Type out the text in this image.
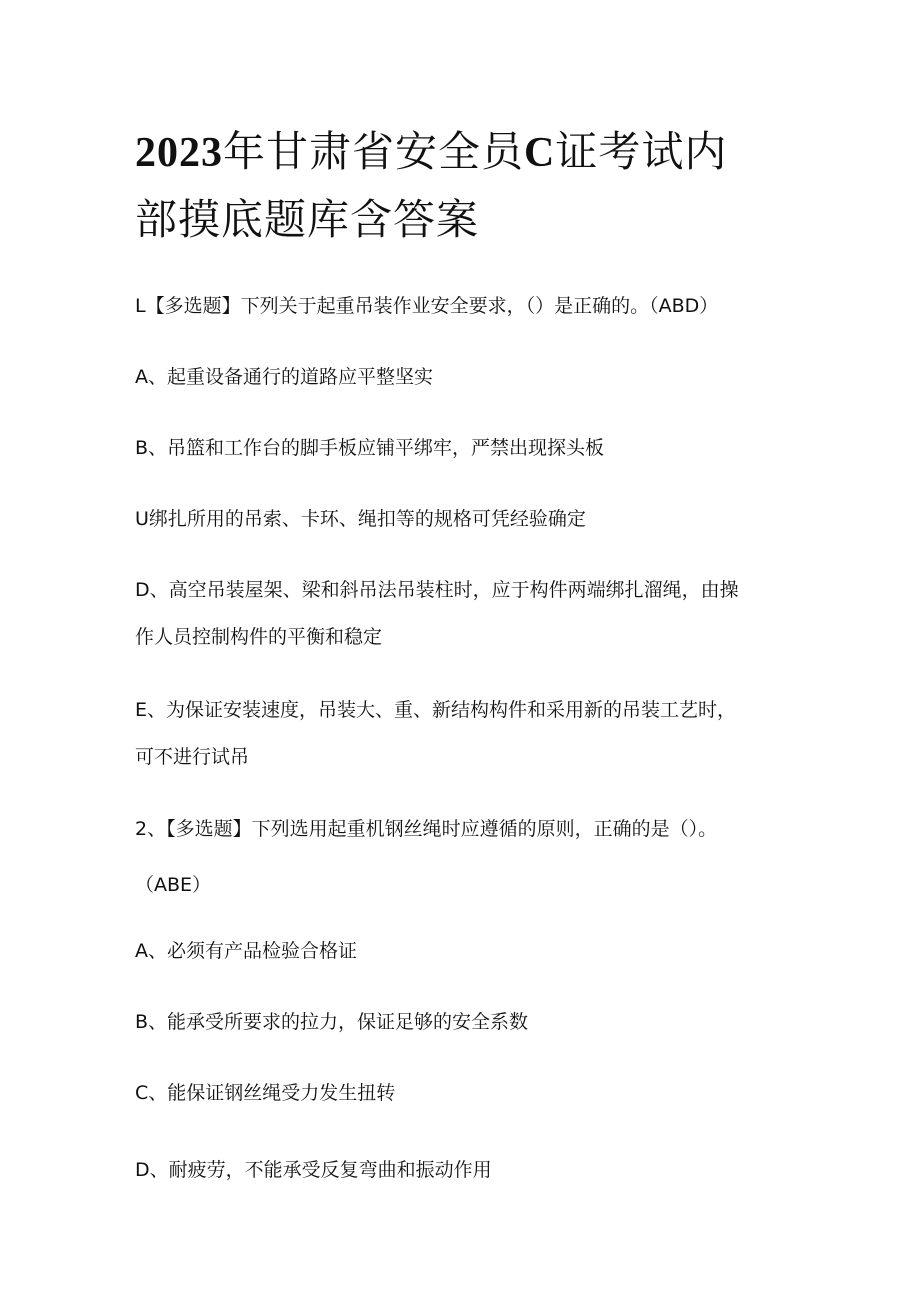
2023年甘肃省安全员C证考试内
部摸底题库含答案
L【多选题】下列关于起重吊装作业安全要求，（）是正确的。（ABD）
A、起重设备通行的道路应平整坚实
B、吊篮和工作台的脚手板应铺平绑牢，严禁出现探头板
U绑扎所用的吊索、卡环、绳扣等的规格可凭经验确定
D、高空吊装屋架、梁和斜吊法吊装柱时，应于构件两端绑扎溜绳，由操
作人员控制构件的平衡和稳定
E、为保证安装速度，吊装大、重、新结构构件和采用新的吊装工艺时，
可不进行试吊
2、【多选题】下列选用起重机钢丝绳时应遵循的原则，正确的是（）。
（ABE）
A、必须有产品检验合格证
B、能承受所要求的拉力，保证足够的安全系数
C、能保证钢丝绳受力发生扭转
D、耐疲劳，不能承受反复弯曲和振动作用
